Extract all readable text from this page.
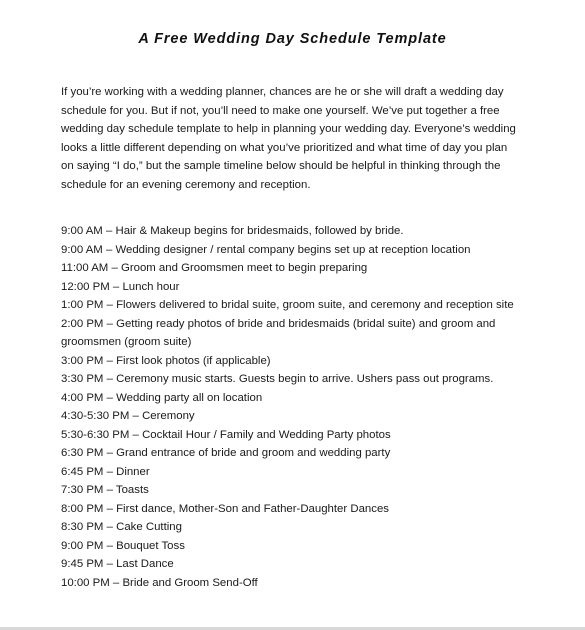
A Free Wedding Day Schedule Template
If you’re working with a wedding planner, chances are he or she will draft a wedding day
schedule for you. But if not, you’ll need to make one yourself. We’ve put together a free
wedding day schedule template to help in planning your wedding day. Everyone’s wedding
looks a little different depending on what you’ve prioritized and what time of day you plan
on saying “I do,” but the sample timeline below should be helpful in thinking through the
schedule for an evening ceremony and reception.
9:00 AM – Hair & Makeup begins for bridesmaids, followed by bride.
9:00 AM – Wedding designer / rental company begins set up at reception location
11:00 AM – Groom and Groomsmen meet to begin preparing
12:00 PM – Lunch hour
1:00 PM – Flowers delivered to bridal suite, groom suite, and ceremony and reception site
2:00 PM – Getting ready photos of bride and bridesmaids (bridal suite) and groom and
groomsmen (groom suite)
3:00 PM – First look photos (if applicable)
3:30 PM – Ceremony music starts. Guests begin to arrive. Ushers pass out programs.
4:00 PM – Wedding party all on location
4:30-5:30 PM – Ceremony
5:30-6:30 PM – Cocktail Hour / Family and Wedding Party photos
6:30 PM – Grand entrance of bride and groom and wedding party
6:45 PM – Dinner
7:30 PM – Toasts
8:00 PM – First dance, Mother-Son and Father-Daughter Dances
8:30 PM – Cake Cutting
9:00 PM – Bouquet Toss
9:45 PM – Last Dance
10:00 PM – Bride and Groom Send-Off
